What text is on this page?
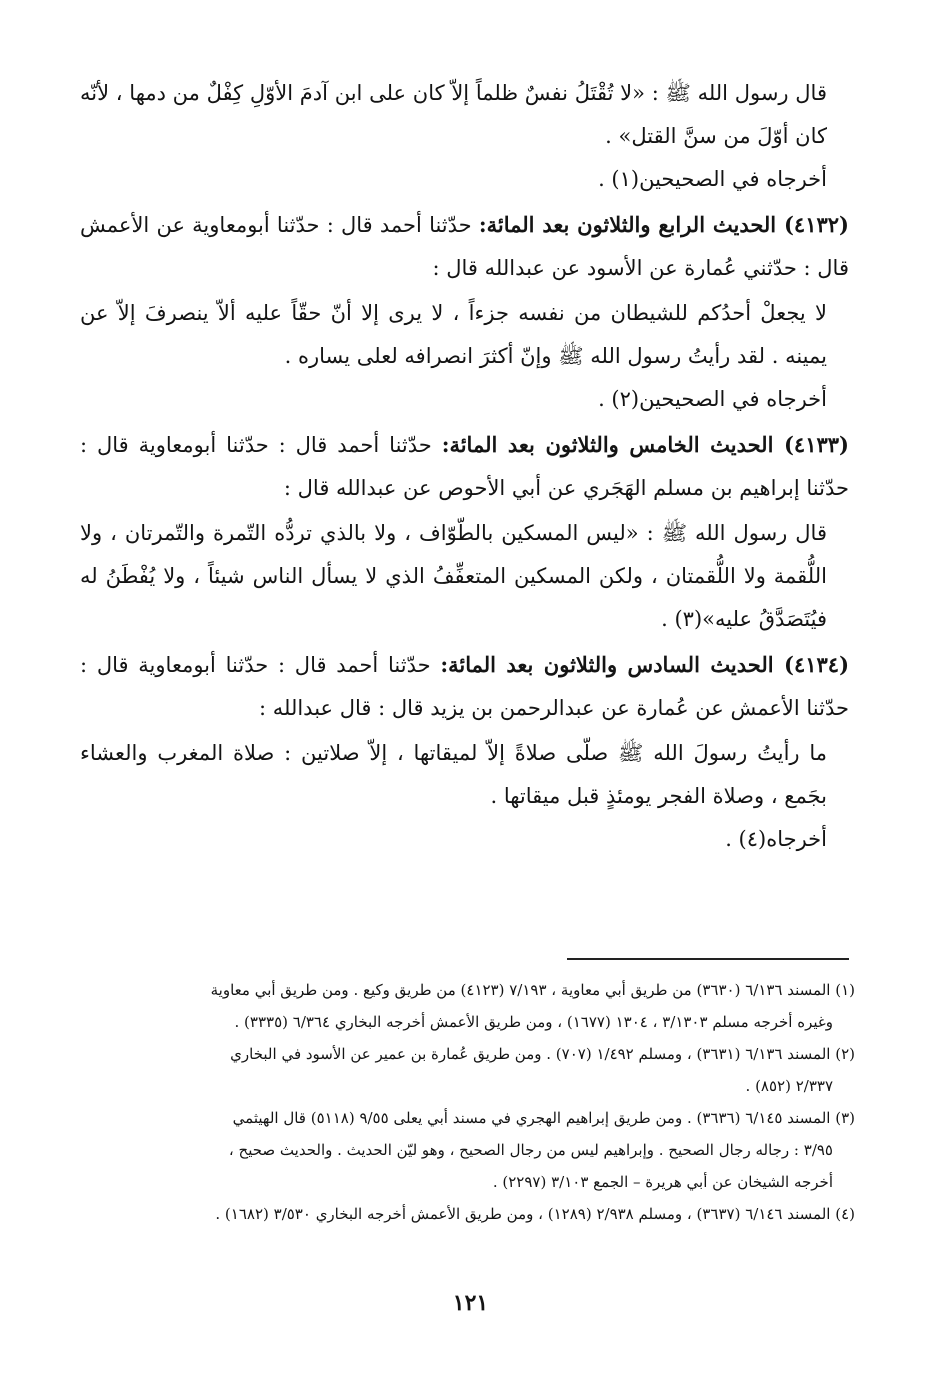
قال رسول الله ﷺ : «لا تُقْتَلُ نفسٌ ظلماً إلاّ كان على ابن آدمَ الأوّلِ كِفْلٌ من دمها ، لأنّه كان أوّلَ من سنَّ القتل» .

أخرجاه في الصحيحين(١) .

(٤١٣٢) الحديث الرابع والثلاثون بعد المائة: حدّثنا أحمد قال : حدّثنا أبومعاوية عن الأعمش قال : حدّثني عُمارة عن الأسود عن عبدالله قال :

لا يجعلْ أحدُكم للشيطان من نفسه جزءاً ، لا يرى إلا أنّ حقّاً عليه ألاّ ينصرفَ إلاّ عن يمينه . لقد رأيتُ رسول الله ﷺ وإنّ أكثرَ انصرافه لعلى يساره .

أخرجاه في الصحيحين(٢) .

(٤١٣٣) الحديث الخامس والثلاثون بعد المائة: حدّثنا أحمد قال : حدّثنا أبومعاوية قال : حدّثنا إبراهيم بن مسلم الهَجَري عن أبي الأحوص عن عبدالله قال :

قال رسول الله ﷺ : «ليس المسكين بالطّوّاف ، ولا بالذي تردُّه التّمرة والتّمرتان ، ولا اللُّقمة ولا اللُّقمتان ، ولكن المسكين المتعفِّفُ الذي لا يسأل الناس شيئاً ، ولا يُفْطَنُ له فيُتَصَدَّقُ عليه»(٣) .

(٤١٣٤) الحديث السادس والثلاثون بعد المائة: حدّثنا أحمد قال : حدّثنا أبومعاوية قال : حدّثنا الأعمش عن عُمارة عن عبدالرحمن بن يزيد قال : قال عبدالله :

ما رأيتُ رسولَ الله ﷺ صلّى صلاةً إلاّ لميقاتها ، إلاّ صلاتين : صلاة المغرب والعشاء بجَمع ، وصلاة الفجر يومئذٍ قبل ميقاتها .

أخرجاه(٤) .

(١) المسند ٦/١٣٦ (٣٦٣٠) من طريق أبي معاوية ، ٧/١٩٣ (٤١٢٣) من طريق وكيع . ومن طريق أبي معاوية
وغيره أخرجه مسلم ٣/١٣٠٣ ، ١٣٠٤ (١٦٧٧) ، ومن طريق الأعمش أخرجه البخاري ٦/٣٦٤ (٣٣٣٥) .

(٢) المسند ٦/١٣٦ (٣٦٣١) ، ومسلم ١/٤٩٢ (٧٠٧) . ومن طريق عُمارة بن عمير عن الأسود في البخاري
٢/٣٣٧ (٨٥٢) .

(٣) المسند ٦/١٤٥ (٣٦٣٦) . ومن طريق إبراهيم الهجري في مسند أبي يعلى ٩/٥٥ (٥١١٨) قال الهيثمي
٣/٩٥ : رجاله رجال الصحيح . وإبراهيم ليس من رجال الصحيح ، وهو ليّن الحديث . والحديث صحيح ،
أخرجه الشيخان عن أبي هريرة – الجمع ٣/١٠٣ (٢٢٩٧) .

(٤) المسند ٦/١٤٦ (٣٦٣٧) ، ومسلم ٢/٩٣٨ (١٢٨٩) ، ومن طريق الأعمش أخرجه البخاري ٣/٥٣٠ (١٦٨٢) .

١٢١
